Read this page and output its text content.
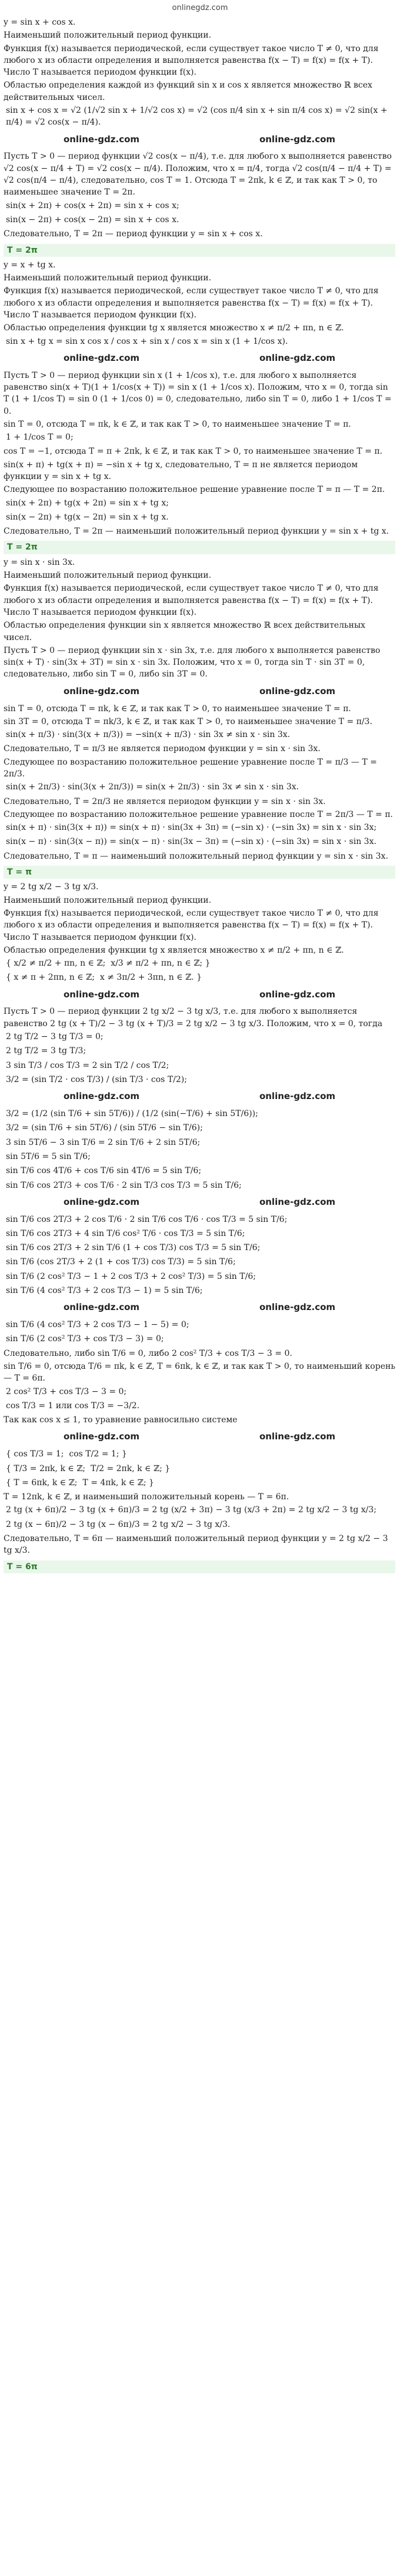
onlinegdz.com
y = sin x + cos x.
Наименьший положительный период функции.
Функция f(x) называется периодической, если существует такое число T ≠ 0, что для любого x из области определения и выполняется равенства f(x − T) = f(x) = f(x + T). Число T называется периодом функции f(x).
Областью определения каждой из функций sin x и cos x является множество ℝ всех действительных чисел.
sin x + cos x = √2 (1/√2 sin x + 1/√2 cos x) = √2 (cos π/4 sin x + sin π/4 cos x) = √2 sin(x + π/4) = √2 cos(x − π/4).
online-gdz.com	online-gdz.com
Пусть T > 0 — период функции √2 cos(x − π/4), т.е. для любого x выполняется равенство √2 cos(x − π/4 + T) = √2 cos(x − π/4). Положим, что x = π/4, тогда √2 cos(π/4 − π/4 + T) = √2 cos(π/4 − π/4), следовательно, cos T = 1. Отсюда T = 2πk, k ∈ ℤ, и так как T > 0, то наименьшее значение T = 2π.
sin(x + 2π) + cos(x + 2π) = sin x + cos x;
sin(x − 2π) + cos(x − 2π) = sin x + cos x.
Следовательно, T = 2π — период функции y = sin x + cos x.
T = 2π
y = x + tg x.
Наименьший положительный период функции.
Функция f(x) называется периодической, если существует такое число T ≠ 0, что для любого x из области определения и выполняется равенства f(x − T) = f(x) = f(x + T). Число T называется периодом функции f(x).
Областью определения функции tg x является множество x ≠ π/2 + πn, n ∈ ℤ.
sin x + tg x = sin x cos x / cos x + sin x / cos x = sin x (1 + 1/cos x).
online-gdz.com	online-gdz.com
Пусть T > 0 — период функции sin x (1 + 1/cos x), т.е. для любого x выполняется равенство sin(x + T)(1 + 1/cos(x + T)) = sin x (1 + 1/cos x). Положим, что x = 0, тогда sin T (1 + 1/cos T) = sin 0 (1 + 1/cos 0) = 0, следовательно, либо sin T = 0, либо 1 + 1/cos T = 0.
sin T = 0, отсюда T = πk, k ∈ ℤ, и так как T > 0, то наименьшее значение T = π.
1 + 1/cos T = 0;
cos T = −1, отсюда T = π + 2πk, k ∈ ℤ, и так как T > 0, то наименьшее значение T = π.
sin(x + π) + tg(x + π) = −sin x + tg x, следовательно, T = π не является периодом функции y = sin x + tg x.
Следующее по возрастанию положительное решение уравнение после T = π — T = 2π.
sin(x + 2π) + tg(x + 2π) = sin x + tg x;
sin(x − 2π) + tg(x − 2π) = sin x + tg x.
Следовательно, T = 2π — наименьший положительный период функции y = sin x + tg x.
T = 2π
y = sin x · sin 3x.
Наименьший положительный период функции.
Функция f(x) называется периодической, если существует такое число T ≠ 0, что для любого x из области определения и выполняется равенства f(x − T) = f(x) = f(x + T). Число T называется периодом функции f(x).
Областью определения функции sin x является множество ℝ всех действительных чисел.
Пусть T > 0 — период функции sin x · sin 3x, т.е. для любого x выполняется равенство sin(x + T) · sin(3x + 3T) = sin x · sin 3x. Положим, что x = 0, тогда sin T · sin 3T = 0, следовательно, либо sin T = 0, либо sin 3T = 0.
online-gdz.com	online-gdz.com
sin T = 0, отсюда T = πk, k ∈ ℤ, и так как T > 0, то наименьшее значение T = π.
sin 3T = 0, отсюда T = πk/3, k ∈ ℤ, и так как T > 0, то наименьшее значение T = π/3.
sin(x + π/3) · sin(3(x + π/3)) = −sin(x + π/3) · sin 3x ≠ sin x · sin 3x.
Следовательно, T = π/3 не является периодом функции y = sin x · sin 3x.
Следующее по возрастанию положительное решение уравнение после T = π/3 — T = 2π/3.
sin(x + 2π/3) · sin(3(x + 2π/3)) = sin(x + 2π/3) · sin 3x ≠ sin x · sin 3x.
Следовательно, T = 2π/3 не является периодом функции y = sin x · sin 3x.
Следующее по возрастанию положительное решение уравнение после T = 2π/3 — T = π.
sin(x + π) · sin(3(x + π)) = sin(x + π) · sin(3x + 3π) = (−sin x) · (−sin 3x) = sin x · sin 3x;
sin(x − π) · sin(3(x − π)) = sin(x − π) · sin(3x − 3π) = (−sin x) · (−sin 3x) = sin x · sin 3x.
Следовательно, T = π — наименьший положительный период функции y = sin x · sin 3x.
T = π
y = 2 tg x/2 − 3 tg x/3.
Наименьший положительный период функции.
Функция f(x) называется периодической, если существует такое число T ≠ 0, что для любого x из области определения и выполняется равенства f(x − T) = f(x) = f(x + T). Число T называется периодом функции f(x).
Областью определения функции tg x является множество x ≠ π/2 + πn, n ∈ ℤ.
{ x/2 ≠ π/2 + πn, n ∈ ℤ;  x/3 ≠ π/2 + πn, n ∈ ℤ; }
{ x ≠ π + 2πn, n ∈ ℤ;  x ≠ 3π/2 + 3πn, n ∈ ℤ. }
online-gdz.com	online-gdz.com
Пусть T > 0 — период функции 2 tg x/2 − 3 tg x/3, т.е. для любого x выполняется равенство 2 tg (x + T)/2 − 3 tg (x + T)/3 = 2 tg x/2 − 3 tg x/3. Положим, что x = 0, тогда
2 tg T/2 − 3 tg T/3 = 0;
2 tg T/2 = 3 tg T/3;
3 sin T/3 / cos T/3 = 2 sin T/2 / cos T/2;
3/2 = (sin T/2 · cos T/3) / (sin T/3 · cos T/2);
online-gdz.com	online-gdz.com
3/2 = (1/2 (sin T/6 + sin 5T/6)) / (1/2 (sin(−T/6) + sin 5T/6));
3/2 = (sin T/6 + sin 5T/6) / (sin 5T/6 − sin T/6);
3 sin 5T/6 − 3 sin T/6 = 2 sin T/6 + 2 sin 5T/6;
sin 5T/6 = 5 sin T/6;
sin T/6 cos 4T/6 + cos T/6 sin 4T/6 = 5 sin T/6;
sin T/6 cos 2T/3 + cos T/6 · 2 sin T/3 cos T/3 = 5 sin T/6;
online-gdz.com	online-gdz.com
sin T/6 cos 2T/3 + 2 cos T/6 · 2 sin T/6 cos T/6 · cos T/3 = 5 sin T/6;
sin T/6 cos 2T/3 + 4 sin T/6 cos² T/6 · cos T/3 = 5 sin T/6;
sin T/6 cos 2T/3 + 2 sin T/6 (1 + cos T/3) cos T/3 = 5 sin T/6;
sin T/6 (cos 2T/3 + 2 (1 + cos T/3) cos T/3) = 5 sin T/6;
sin T/6 (2 cos² T/3 − 1 + 2 cos T/3 + 2 cos² T/3) = 5 sin T/6;
sin T/6 (4 cos² T/3 + 2 cos T/3 − 1) = 5 sin T/6;
online-gdz.com	online-gdz.com
sin T/6 (4 cos² T/3 + 2 cos T/3 − 1 − 5) = 0;
sin T/6 (2 cos² T/3 + cos T/3 − 3) = 0;
Следовательно, либо sin T/6 = 0, либо 2 cos² T/3 + cos T/3 − 3 = 0.
sin T/6 = 0, отсюда T/6 = πk, k ∈ ℤ, T = 6πk, k ∈ ℤ, и так как T > 0, то наименьший корень — T = 6π.
2 cos² T/3 + cos T/3 − 3 = 0;
cos T/3 = 1 или cos T/3 = −3/2.
Так как cos x ≤ 1, то уравнение равносильно системе
online-gdz.com	online-gdz.com
{ cos T/3 = 1;  cos T/2 = 1; }
{ T/3 = 2πk, k ∈ ℤ;  T/2 = 2πk, k ∈ ℤ; }
{ T = 6πk, k ∈ ℤ;  T = 4πk, k ∈ ℤ; }
T = 12πk, k ∈ ℤ, и наименьший положительный корень — T = 6π.
2 tg (x + 6π)/2 − 3 tg (x + 6π)/3 = 2 tg (x/2 + 3π) − 3 tg (x/3 + 2π) = 2 tg x/2 − 3 tg x/3;
2 tg (x − 6π)/2 − 3 tg (x − 6π)/3 = 2 tg x/2 − 3 tg x/3.
Следовательно, T = 6π — наименьший положительный период функции y = 2 tg x/2 − 3 tg x/3.
T = 6π
